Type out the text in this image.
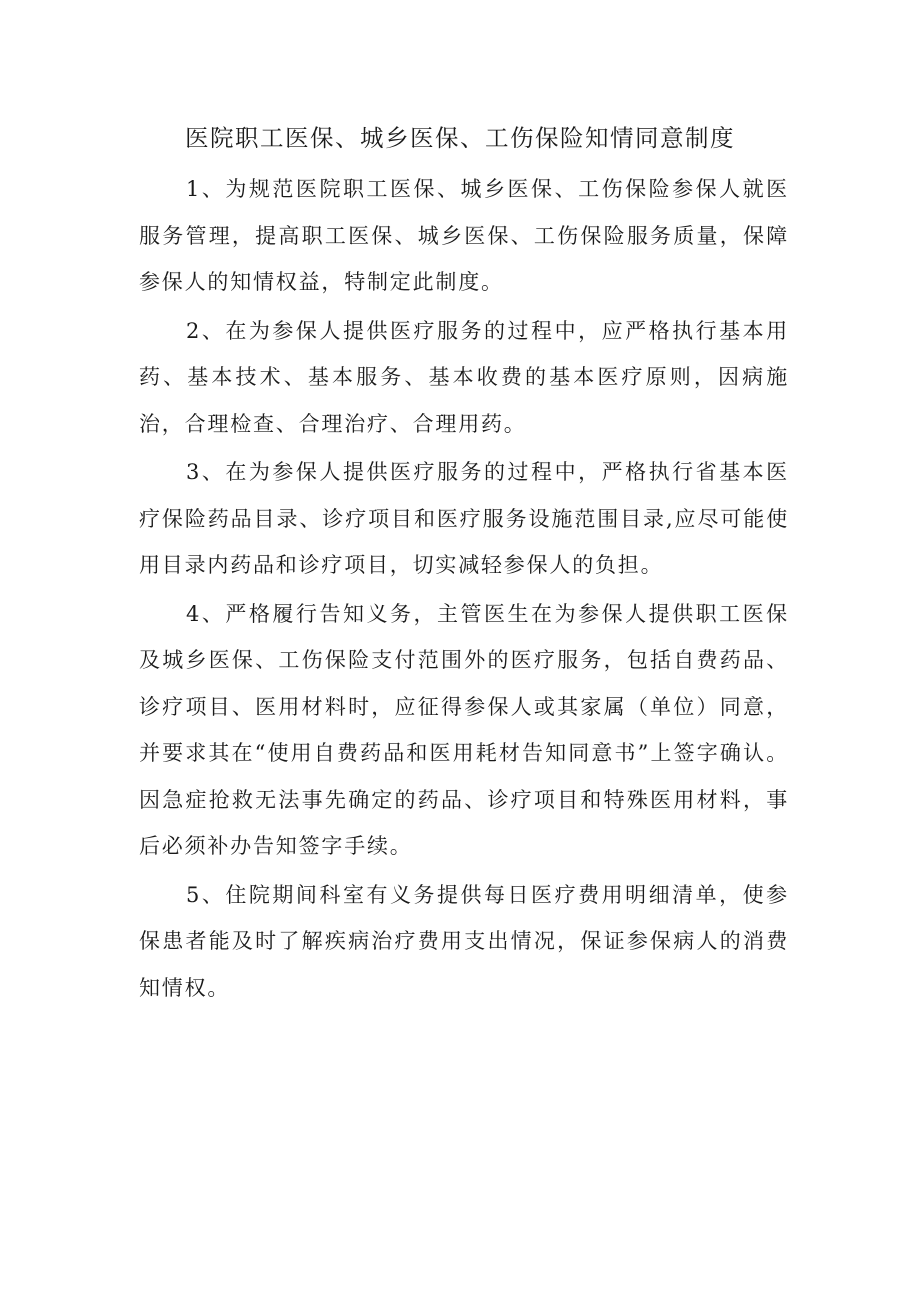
医院职工医保、城乡医保、工伤保险知情同意制度

1、为规范医院职工医保、城乡医保、工伤保险参保人就医服务管理，提高职工医保、城乡医保、工伤保险服务质量，保障参保人的知情权益，特制定此制度。

2、在为参保人提供医疗服务的过程中，应严格执行基本用药、基本技术、基本服务、基本收费的基本医疗原则，因病施治，合理检查、合理治疗、合理用药。

3、在为参保人提供医疗服务的过程中，严格执行省基本医疗保险药品目录、诊疗项目和医疗服务设施范围目录,应尽可能使用目录内药品和诊疗项目，切实减轻参保人的负担。

4、严格履行告知义务，主管医生在为参保人提供职工医保及城乡医保、工伤保险支付范围外的医疗服务，包括自费药品、诊疗项目、医用材料时，应征得参保人或其家属（单位）同意，并要求其在“使用自费药品和医用耗材告知同意书”上签字确认。因急症抢救无法事先确定的药品、诊疗项目和特殊医用材料，事后必须补办告知签字手续。

5、住院期间科室有义务提供每日医疗费用明细清单，使参保患者能及时了解疾病治疗费用支出情况，保证参保病人的消费知情权。
